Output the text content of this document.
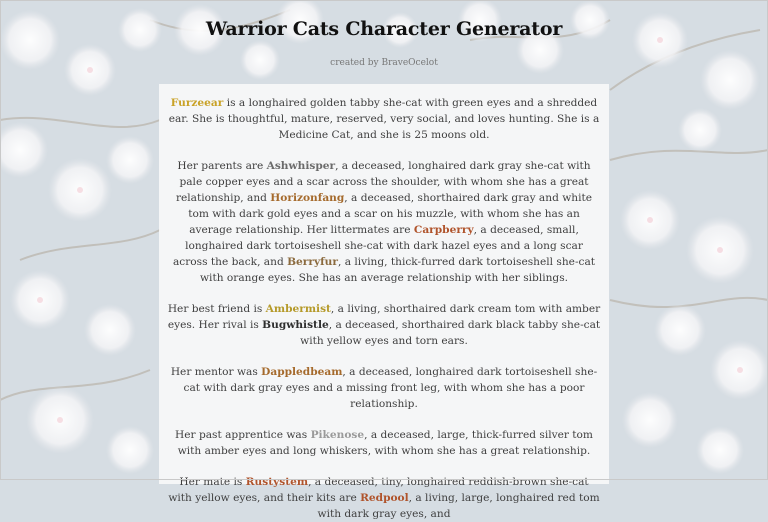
Warrior Cats Character Generator
created by BraveOcelot

Furzeear is a longhaired golden tabby she-cat with green eyes and a shredded ear. She is thoughtful, mature, reserved, very social, and loves hunting. She is a Medicine Cat, and she is 25 moons old.

Her parents are Ashwhisper, a deceased, longhaired dark gray she-cat with pale copper eyes and a scar across the shoulder, with whom she has a great relationship, and Horizonfang, a deceased, shorthaired dark gray and white tom with dark gold eyes and a scar on his muzzle, with whom she has an average relationship. Her littermates are Carpberry, a deceased, small, longhaired dark tortoiseshell she-cat with dark hazel eyes and a long scar across the back, and Berryfur, a living, thick-furred dark tortoiseshell she-cat with orange eyes. She has an average relationship with her siblings.

Her best friend is Ambermist, a living, shorthaired dark cream tom with amber eyes. Her rival is Bugwhistle, a deceased, shorthaired dark black tabby she-cat with yellow eyes and torn ears.

Her mentor was Dappledbeam, a deceased, longhaired dark tortoiseshell she-cat with dark gray eyes and a missing front leg, with whom she has a poor relationship.

Her past apprentice was Pikenose, a deceased, large, thick-furred silver tom with amber eyes and long whiskers, with whom she has a great relationship.

Her mate is Rustystem, a deceased, tiny, longhaired reddish-brown she-cat with yellow eyes, and their kits are Redpool, a living, large, longhaired red tom with dark gray eyes, and
